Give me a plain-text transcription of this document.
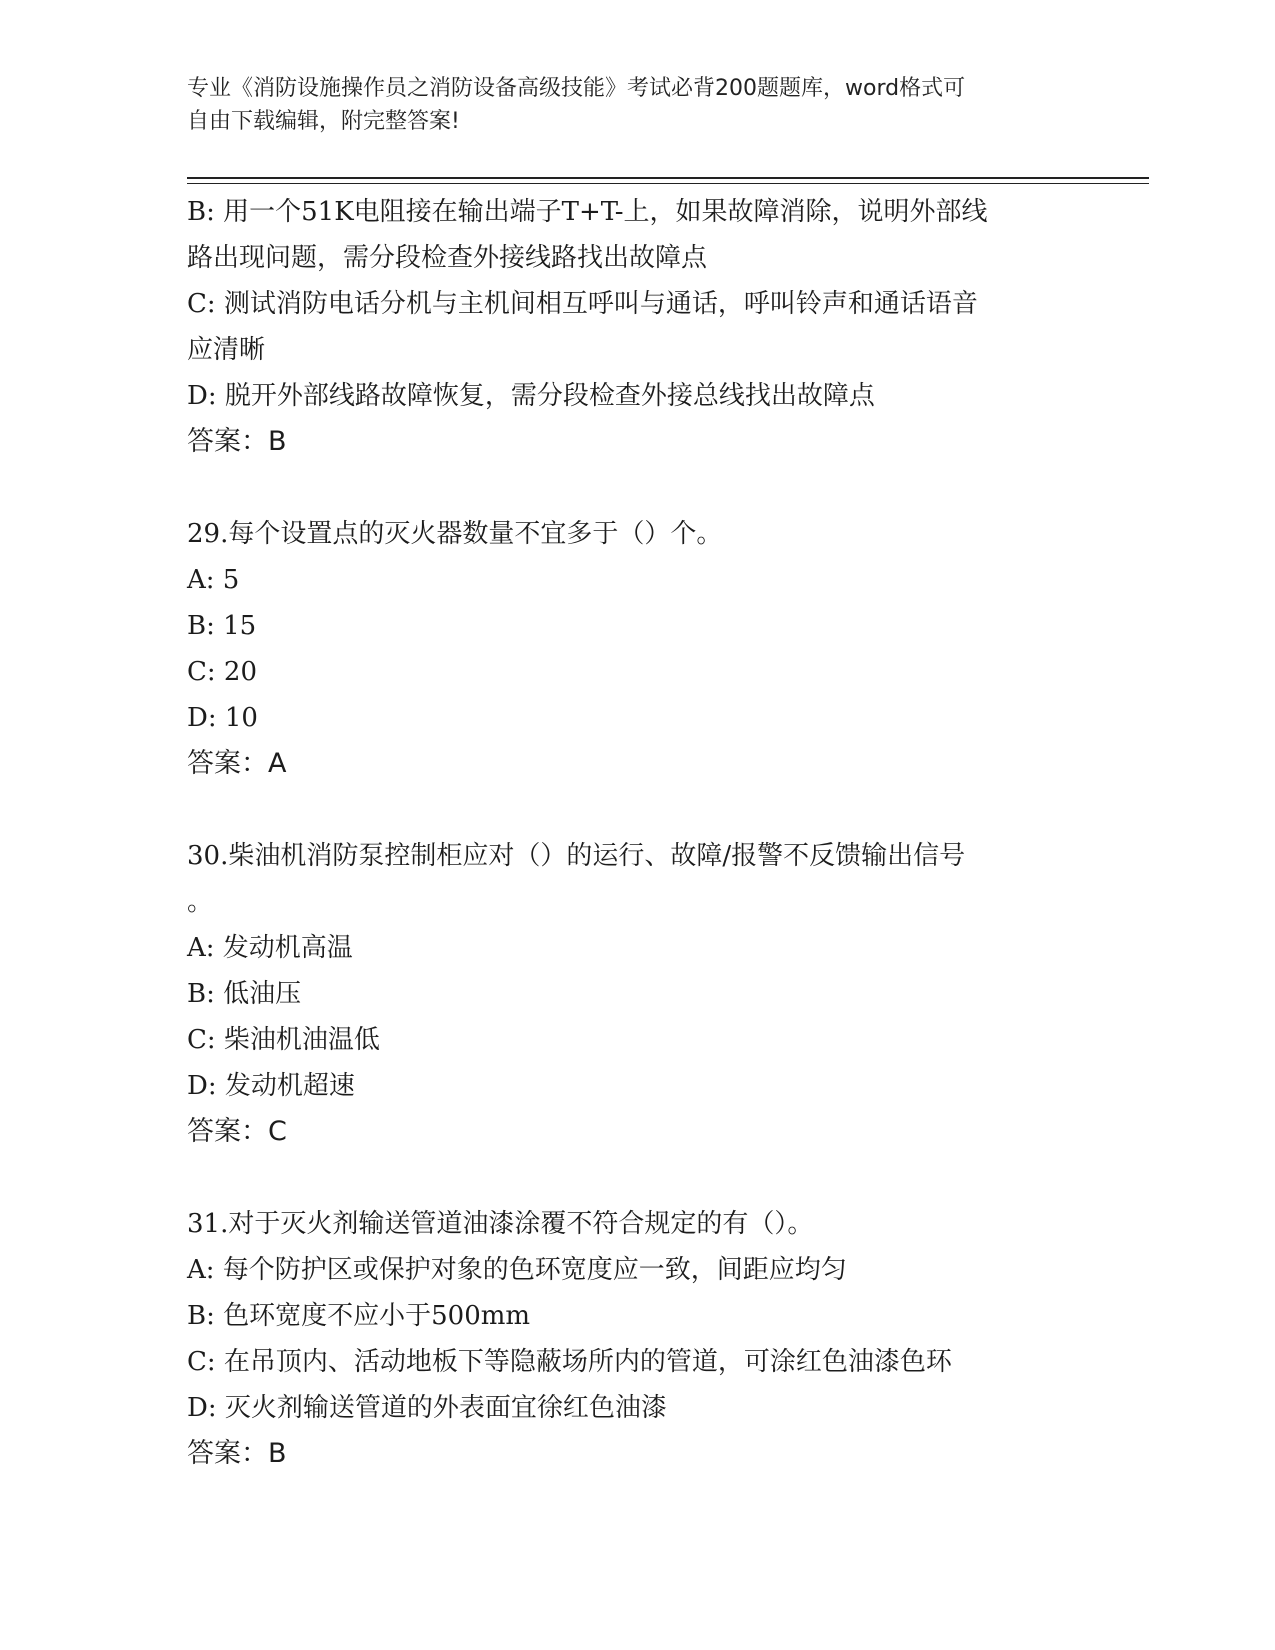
专业《消防设施操作员之消防设备高级技能》考试必背200题题库，word格式可
自由下载编辑，附完整答案!
B: 用一个51K电阻接在输出端子T+T-上，如果故障消除，说明外部线
路出现问题，需分段检查外接线路找出故障点
C: 测试消防电话分机与主机间相互呼叫与通话，呼叫铃声和通话语音
应清晰
D: 脱开外部线路故障恢复，需分段检查外接总线找出故障点
答案：B
29.每个设置点的灭火器数量不宜多于（）个。
A: 5
B: 15
C: 20
D: 10
答案：A
30.柴油机消防泵控制柜应对（）的运行、故障/报警不反馈输出信号
。
A: 发动机高温
B: 低油压
C: 柴油机油温低
D: 发动机超速
答案：C
31.对于灭火剂输送管道油漆涂覆不符合规定的有（）。
A: 每个防护区或保护对象的色环宽度应一致，间距应均匀
B: 色环宽度不应小于500mm
C: 在吊顶内、活动地板下等隐蔽场所内的管道，可涂红色油漆色环
D: 灭火剂输送管道的外表面宜徐红色油漆
答案：B
